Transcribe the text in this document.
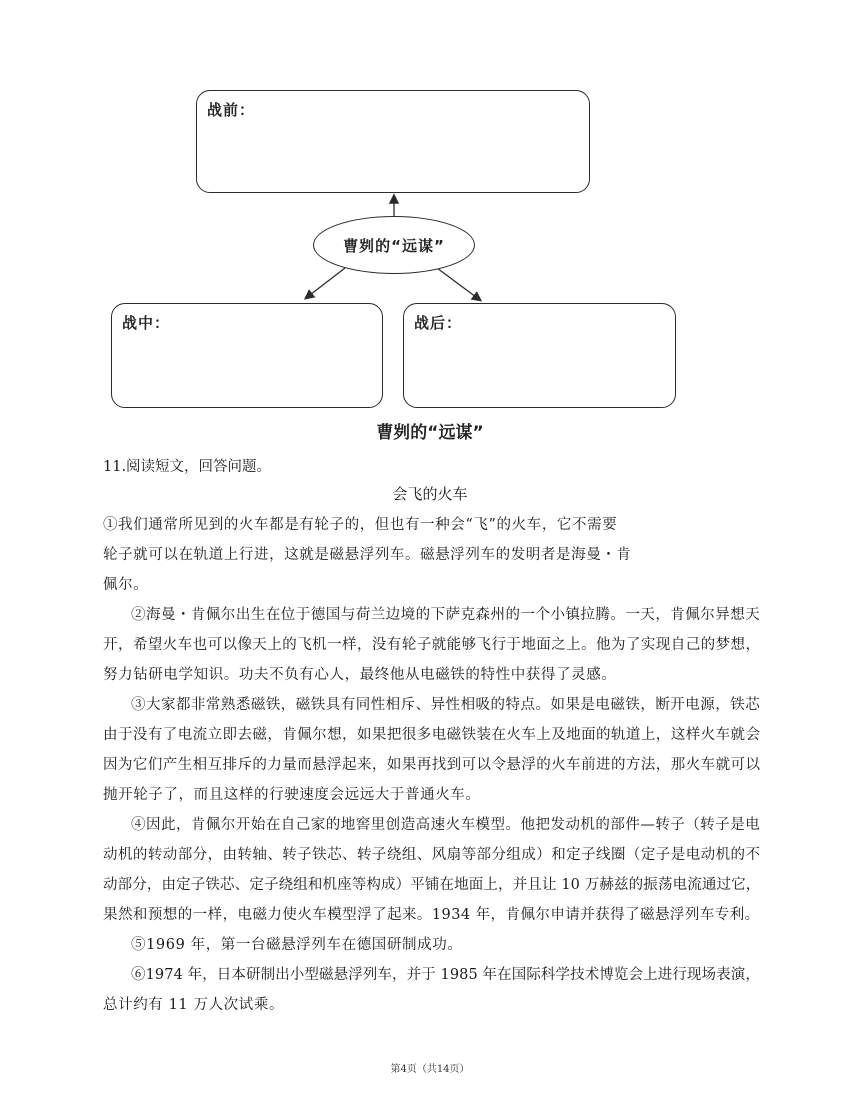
战前：
曹刿的“远谋”
战中：	战后：
曹刿的“远谋”
11.阅读短文，回答问题。
会飞的火车
①我们通常所见到的火车都是有轮子的，但也有一种会“飞”的火车，它不需要
轮子就可以在轨道上行进，这就是磁悬浮列车。磁悬浮列车的发明者是海曼・肯
佩尔。
②海曼・肯佩尔出生在位于德国与荷兰边境的下萨克森州的一个小镇拉腾。一天，肯佩尔异想天
开，希望火车也可以像天上的飞机一样，没有轮子就能够飞行于地面之上。他为了实现自己的梦想，
努力钻研电学知识。功夫不负有心人，最终他从电磁铁的特性中获得了灵感。
③大家都非常熟悉磁铁，磁铁具有同性相斥、异性相吸的特点。如果是电磁铁，断开电源，铁芯
由于没有了电流立即去磁，肯佩尔想，如果把很多电磁铁装在火车上及地面的轨道上，这样火车就会
因为它们产生相互排斥的力量而悬浮起来，如果再找到可以令悬浮的火车前进的方法，那火车就可以
抛开轮子了，而且这样的行驶速度会远远大于普通火车。
④因此，肯佩尔开始在自己家的地窖里创造高速火车模型。他把发动机的部件—转子（转子是电
动机的转动部分，由转轴、转子铁芯、转子绕组、风扇等部分组成）和定子线圈（定子是电动机的不
动部分，由定子铁芯、定子绕组和机座等构成）平铺在地面上，并且让 10 万赫兹的振荡电流通过它，
果然和预想的一样，电磁力使火车模型浮了起来。1934 年，肯佩尔申请并获得了磁悬浮列车专利。
⑤1969 年，第一台磁悬浮列车在德国研制成功。
⑥1974 年，日本研制出小型磁悬浮列车，并于 1985 年在国际科学技术博览会上进行现场表演，
总计约有 11 万人次试乘。
第4页（共14页）
